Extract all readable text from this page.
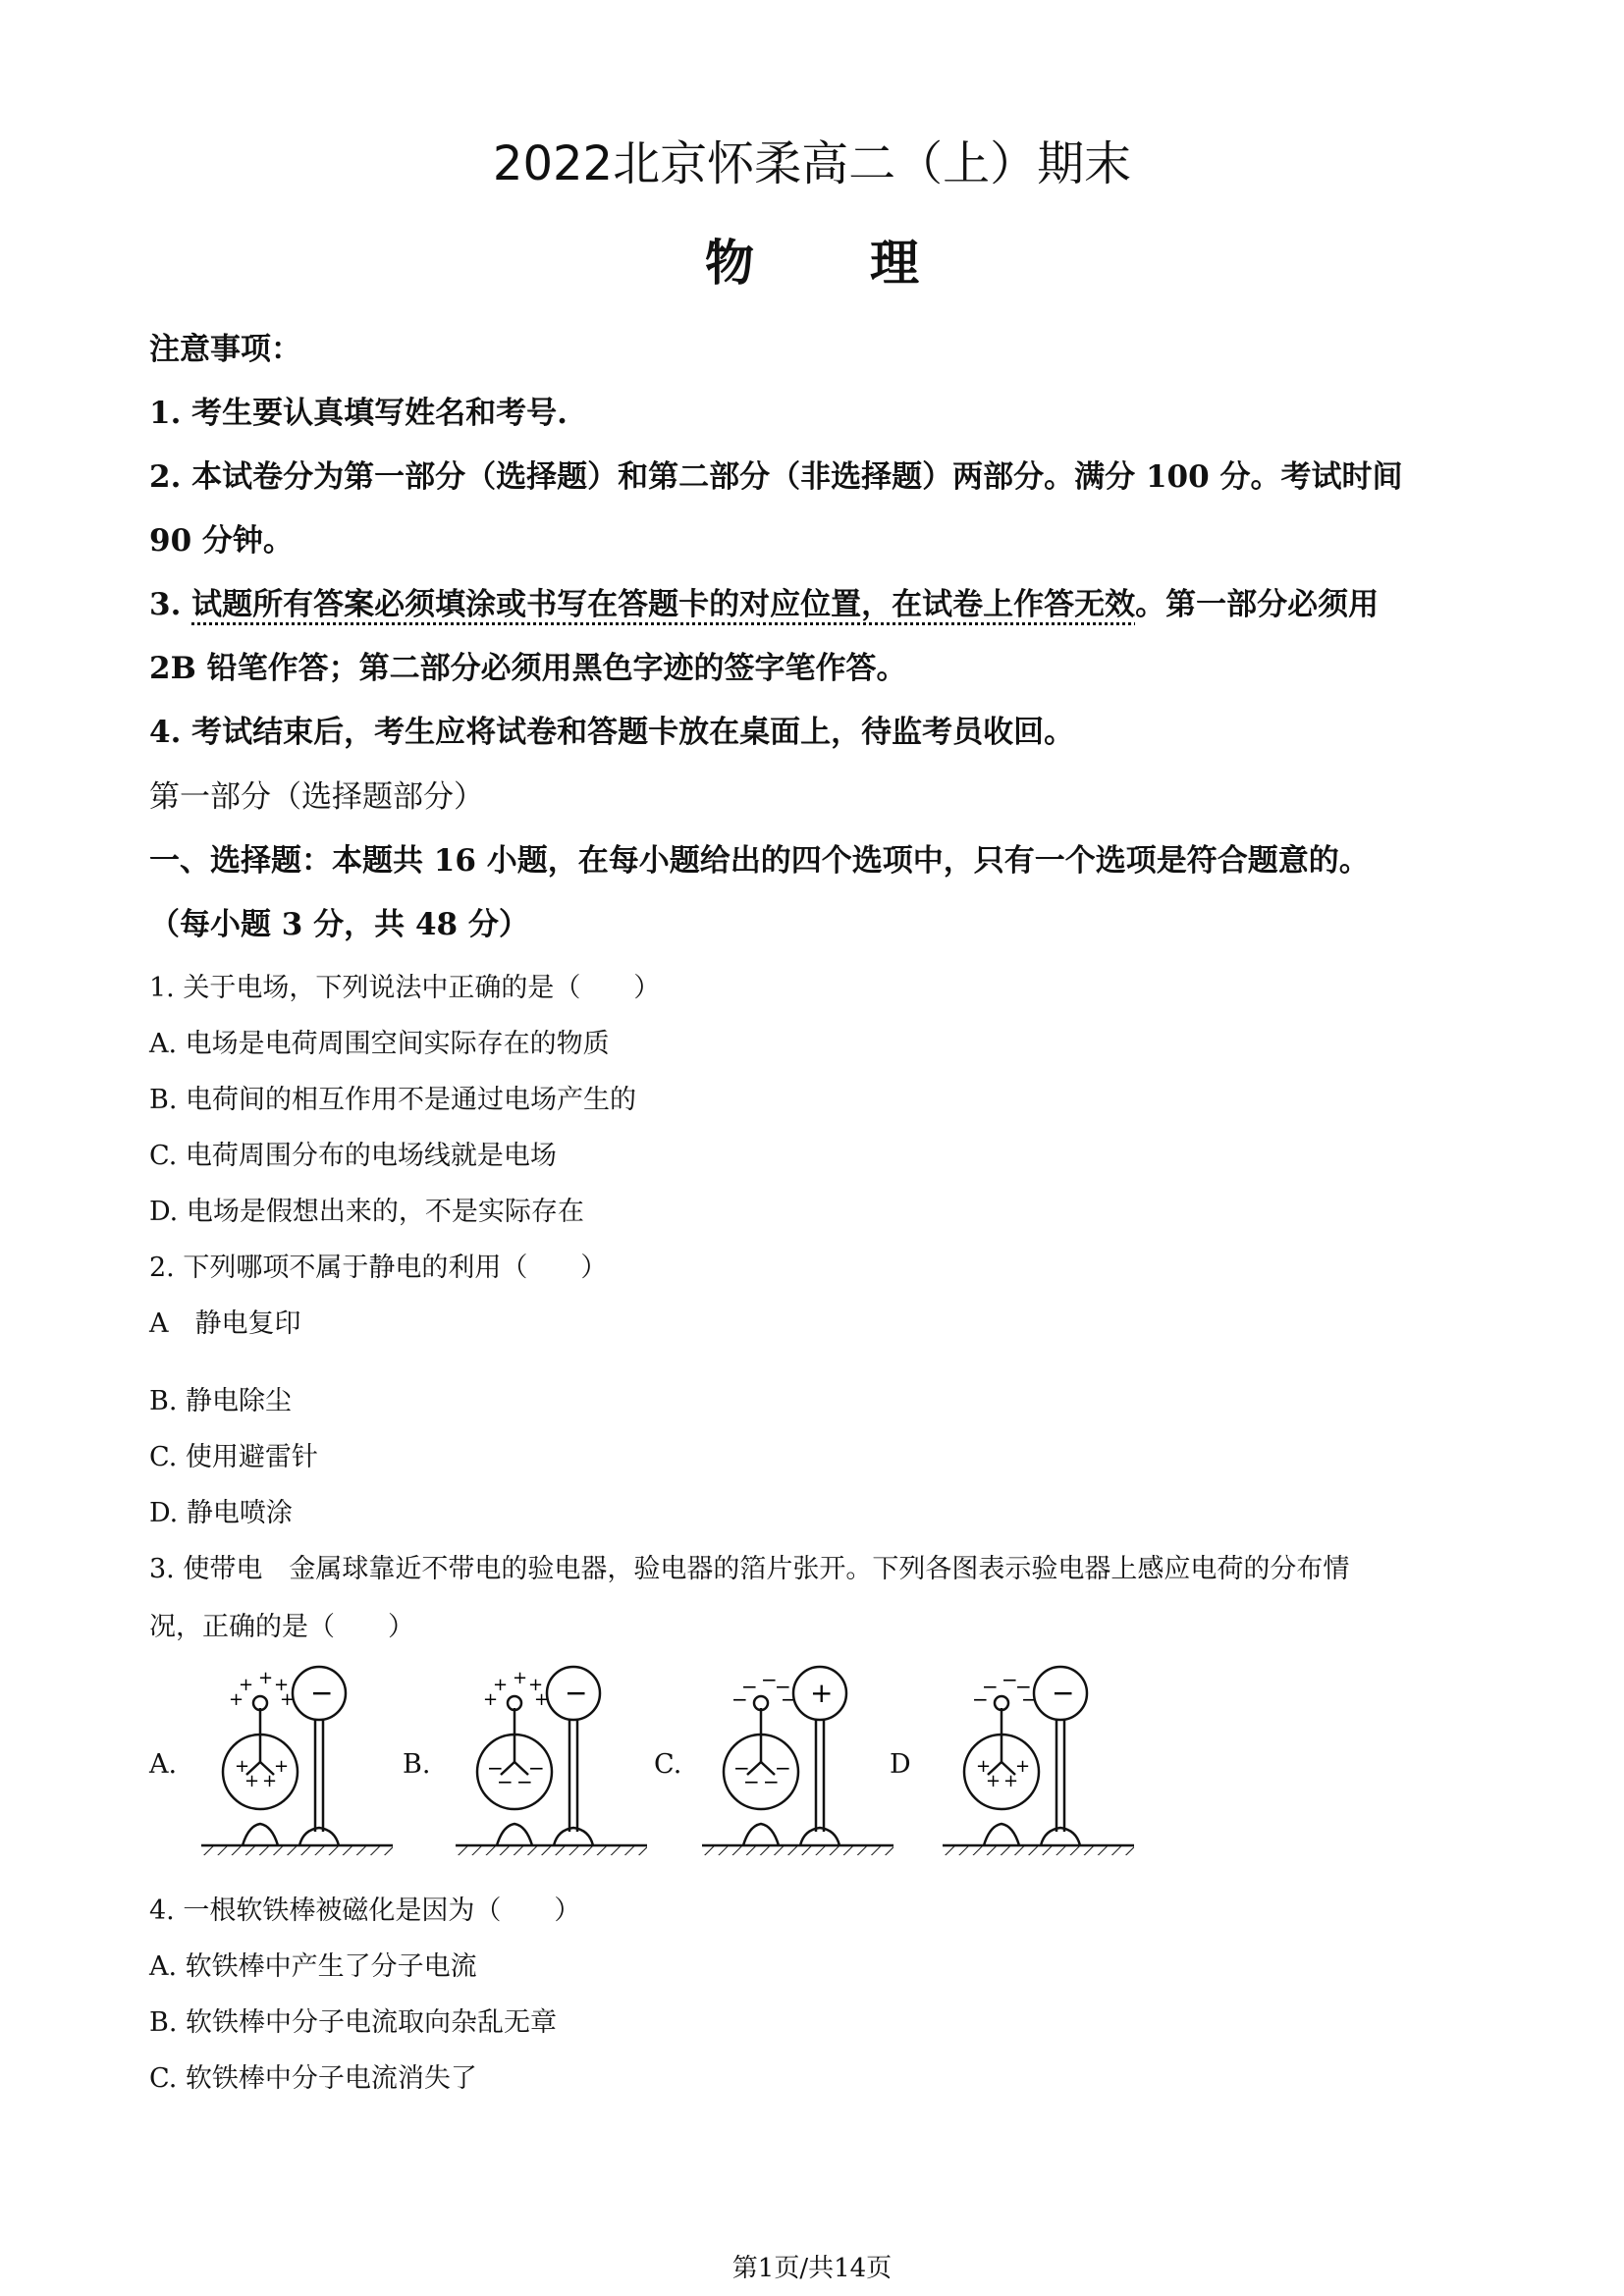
2022北京怀柔高二（上）期末
物 理
注意事项：
1. 考生要认真填写姓名和考号.
2. 本试卷分为第一部分（选择题）和第二部分（非选择题）两部分。满分 100 分。考试时间
90 分钟。
3. 试题所有答案必须填涂或书写在答题卡的对应位置，在试卷上作答无效。第一部分必须用
2B 铅笔作答；第二部分必须用黑色字迹的签字笔作答。
4. 考试结束后，考生应将试卷和答题卡放在桌面上，待监考员收回。
第一部分（选择题部分）
一、选择题：本题共 16 小题，在每小题给出的四个选项中，只有一个选项是符合题意的。
（每小题 3 分，共 48 分）
1. 关于电场，下列说法中正确的是（　　）
A. 电场是电荷周围空间实际存在的物质
B. 电荷间的相互作用不是通过电场产生的
C. 电荷周围分布的电场线就是电场
D. 电场是假想出来的，不是实际存在
2. 下列哪项不属于静电的利用（　　）
A　静电复印
B. 静电除尘
C. 使用避雷针
D. 静电喷涂
3. 使带电　金属球靠近不带电的验电器，验电器的箔片张开。下列各图表示验电器上感应电荷的分布情
况，正确的是（　　）
A.	B.	C.	D
+ + +
+ +
+
+ +
+
−	+ + +
+ +
−
− −
−
−	− −
−
− −
−
− −
−
+	− −
−
− −
+
+ +
+
−
4. 一根软铁棒被磁化是因为（　　）
A. 软铁棒中产生了分子电流
B. 软铁棒中分子电流取向杂乱无章
C. 软铁棒中分子电流消失了
第1页/共14页
